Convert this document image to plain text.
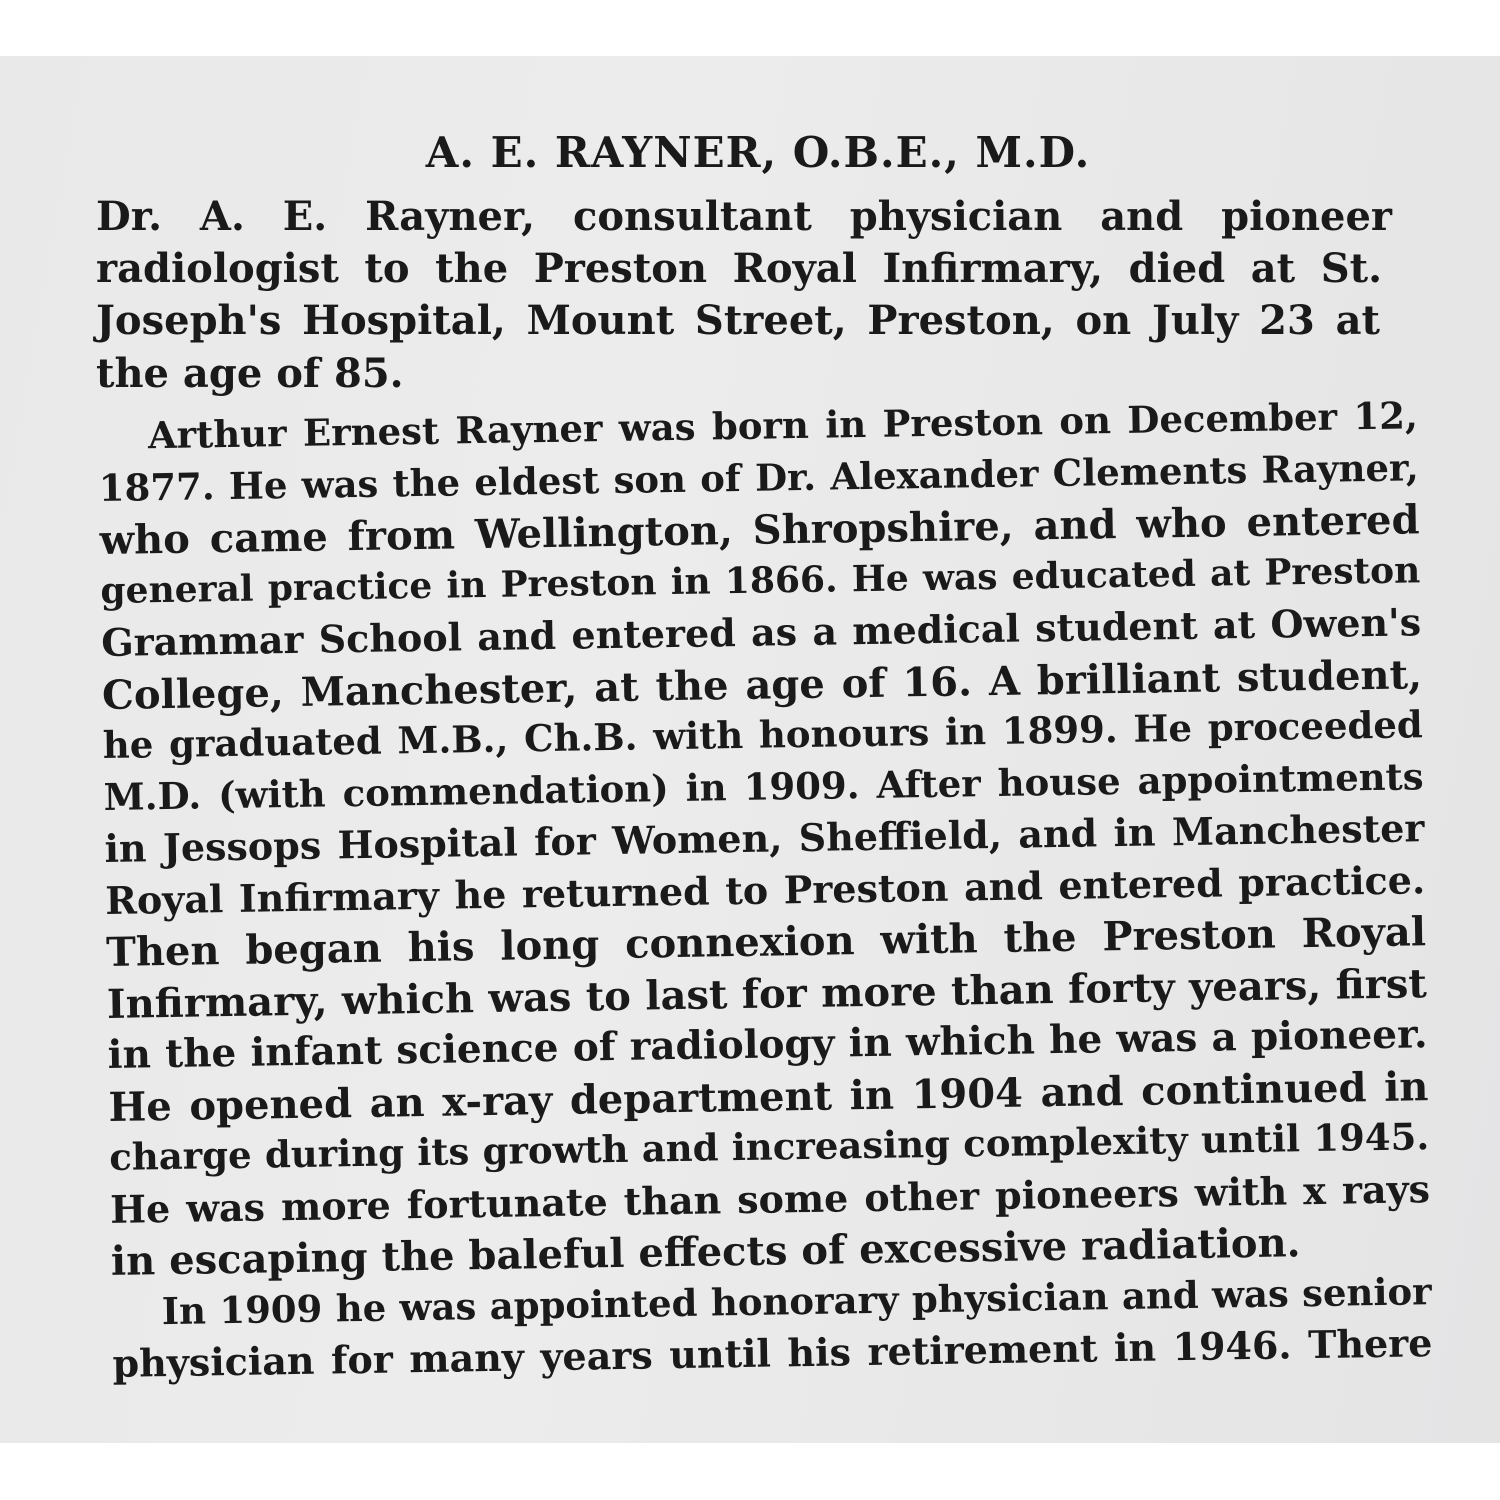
A. E. RAYNER, O.B.E., M.D.
Dr. A. E. Rayner, consultant physician and pioneer
radiologist to the Preston Royal Infirmary, died at St.
Joseph's Hospital, Mount Street, Preston, on July 23 at
the age of 85.
Arthur Ernest Rayner was born in Preston on December 12,
1877. He was the eldest son of Dr. Alexander Clements Rayner,
who came from Wellington, Shropshire, and who entered
general practice in Preston in 1866. He was educated at Preston
Grammar School and entered as a medical student at Owen's
College, Manchester, at the age of 16. A brilliant student,
he graduated M.B., Ch.B. with honours in 1899. He proceeded
M.D. (with commendation) in 1909. After house appointments
in Jessops Hospital for Women, Sheffield, and in Manchester
Royal Infirmary he returned to Preston and entered practice.
Then began his long connexion with the Preston Royal
Infirmary, which was to last for more than forty years, first
in the infant science of radiology in which he was a pioneer.
He opened an x-ray department in 1904 and continued in
charge during its growth and increasing complexity until 1945.
He was more fortunate than some other pioneers with x rays
in escaping the baleful effects of excessive radiation.
In 1909 he was appointed honorary physician and was senior
physician for many years until his retirement in 1946. There
